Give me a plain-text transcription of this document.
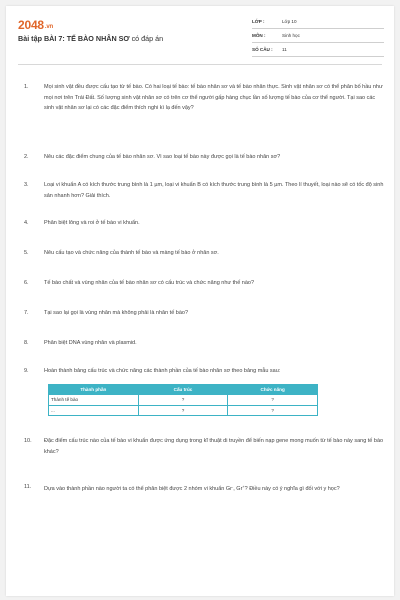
2048.vn
Bài tập BÀI 7: TẾ BÀO NHÂN SƠ có đáp án
LỚP :	Lớp 10
MÔN :	Sinh học
SỐ CÂU :	11
1.	Mọi sinh vật đều được cấu tạo từ tế bào. Có hai loại tế bào: tế bào nhân sơ và tế bào nhân thực. Sinh vật nhân sơ có thể phân bố hầu như mọi nơi trên Trái Đất. Số lượng sinh vật nhân sơ có trên cơ thể người gấp hàng chục lần số lượng tế bào của cơ thể người. Tại sao các sinh vật nhân sơ lại có các đặc điểm thích nghi kì lạ đến vậy?
2.	Nêu các đặc điểm chung của tế bào nhân sơ. Vì sao loại tế bào này được gọi là tế bào nhân sơ?
3.	Loại vi khuẩn A có kích thước trung bình là 1 µm, loại vi khuẩn B có kích thước trung bình là 5 µm. Theo lí thuyết, loại nào sẽ có tốc độ sinh sản nhanh hơn? Giải thích.
4.	Phân biệt lông và roi ở tế bào vi khuẩn.
5.	Nêu cấu tạo và chức năng của thành tế bào và màng tế bào ở nhân sơ.
6.	Tế bào chất và vùng nhân của tế bào nhân sơ có cấu trúc và chức năng như thế nào?
7.	Tại sao lại gọi là vùng nhân mà không phải là nhân tế bào?
8.	Phân biệt DNA vùng nhân và plasmid.
9.	Hoàn thành bảng cấu trúc và chức năng các thành phần của tế bào nhân sơ theo bảng mẫu sau:
Thành phần	Cấu trúc	Chức năng
Thành tế bào	?	?
...	?	?
10. Đặc điểm cấu trúc nào của tế bào vi khuẩn được ứng dụng trong kĩ thuật di truyền để biến nạp gene mong muốn từ tế bào này sang tế bào khác?
11. Dựa vào thành phần nào người ta có thể phân biệt được 2 nhóm vi khuẩn Gr-, Gr+? Điều này có ý nghĩa gì đối với y học?
